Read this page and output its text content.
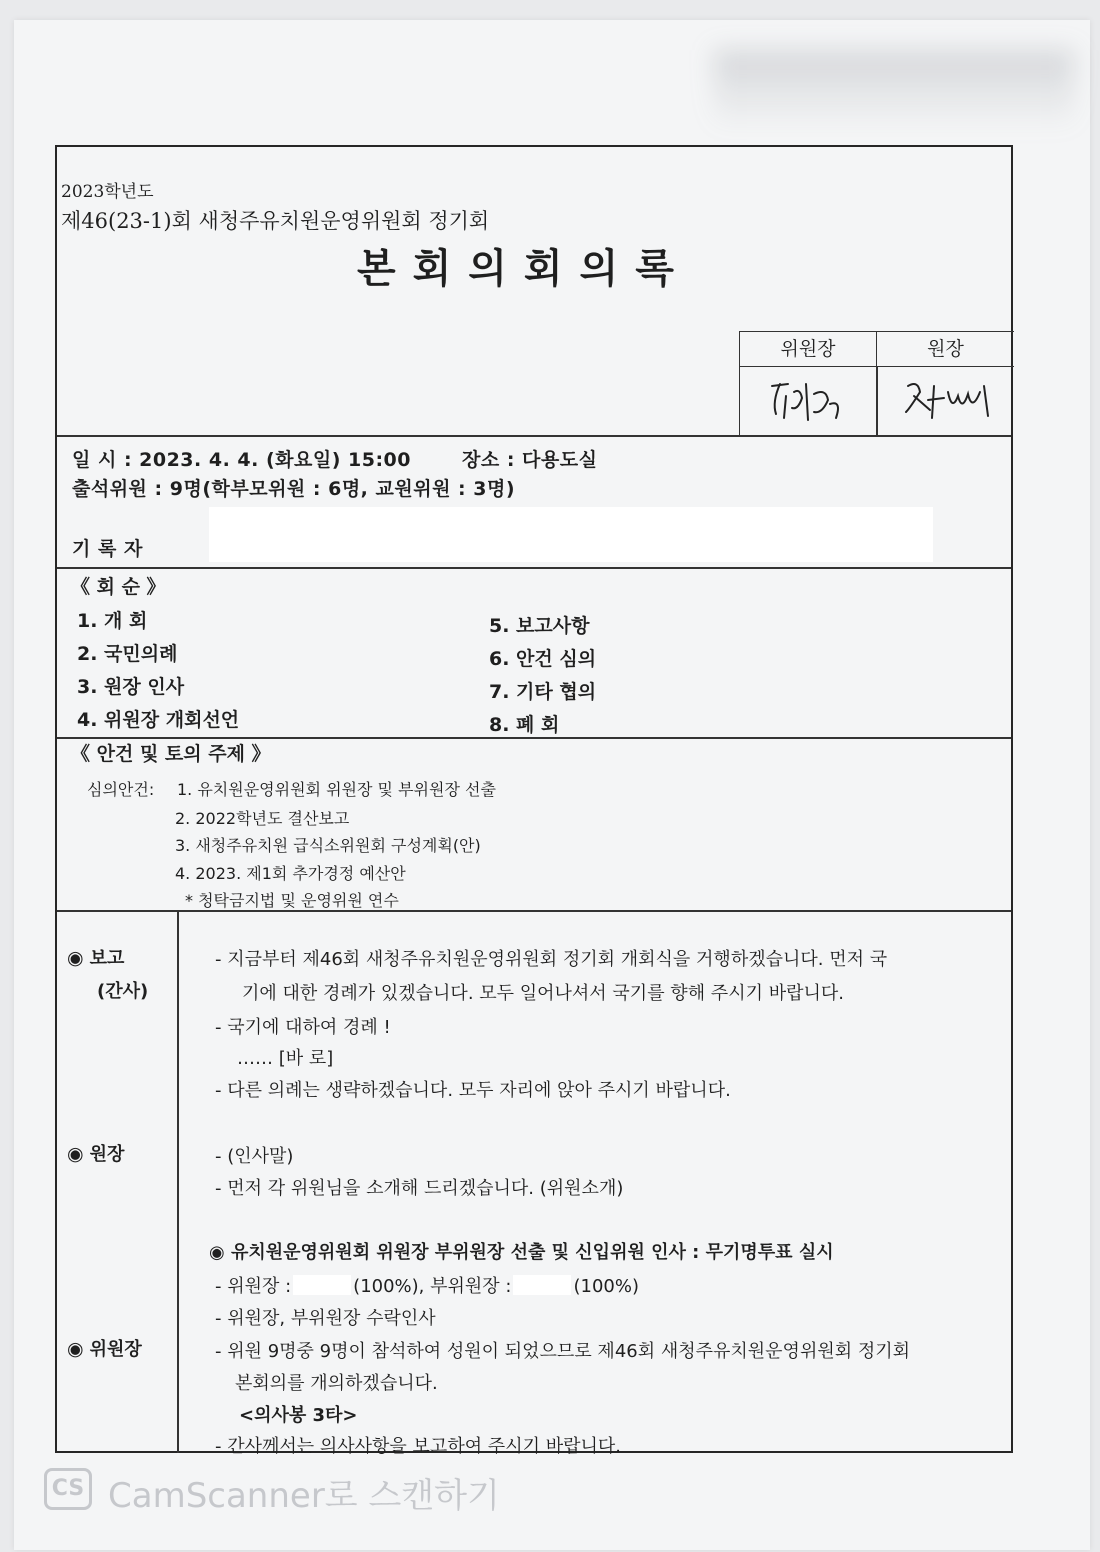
2023학년도
제46(23-1)회 새청주유치원운영위원회 정기회
본회의회의록
위원장	원장
일 시 : 2023. 4. 4. (화요일) 15:00	장소 : 다용도실
출석위원 : 9명(학부모위원 : 6명, 교원위원 : 3명)
기 록 자
《 회 순 》
1. 개 회
2. 국민의례
3. 원장 인사
4. 위원장 개회선언
5. 보고사항
6. 안건 심의
7. 기타 협의
8. 폐 회
《 안건 및 토의 주제 》
심의안건: 1. 유치원운영위원회 위원장 및 부위원장 선출
2. 2022학년도 결산보고
3. 새청주유치원 급식소위원회 구성계획(안)
4. 2023. 제1회 추가경정 예산안
* 청탁금지법 및 운영위원 연수
◉ 보고
(간사)
- 지금부터 제46회 새청주유치원운영위원회 정기회 개회식을 거행하겠습니다. 먼저 국
기에 대한 경례가 있겠습니다. 모두 일어나셔서 국기를 향해 주시기 바랍니다.
- 국기에 대하여 경례 !
…… [바 로]
- 다른 의례는 생략하겠습니다. 모두 자리에 앉아 주시기 바랍니다.
◉ 원장	- (인사말)
- 먼저 각 위원님을 소개해 드리겠습니다. (위원소개)
◉ 유치원운영위원회 위원장 부위원장 선출 및 신입위원 인사 : 무기명투표 실시
- 위원장 :	(100%), 부위원장 :	(100%)
- 위원장, 부위원장 수락인사
◉ 위원장	- 위원 9명중 9명이 참석하여 성원이 되었으므로 제46회 새청주유치원운영위원회 정기회
본회의를 개의하겠습니다.
<의사봉 3타>
- 간사께서는 의사사항을 보고하여 주시기 바랍니다.
CS CamScanner로 스캔하기
